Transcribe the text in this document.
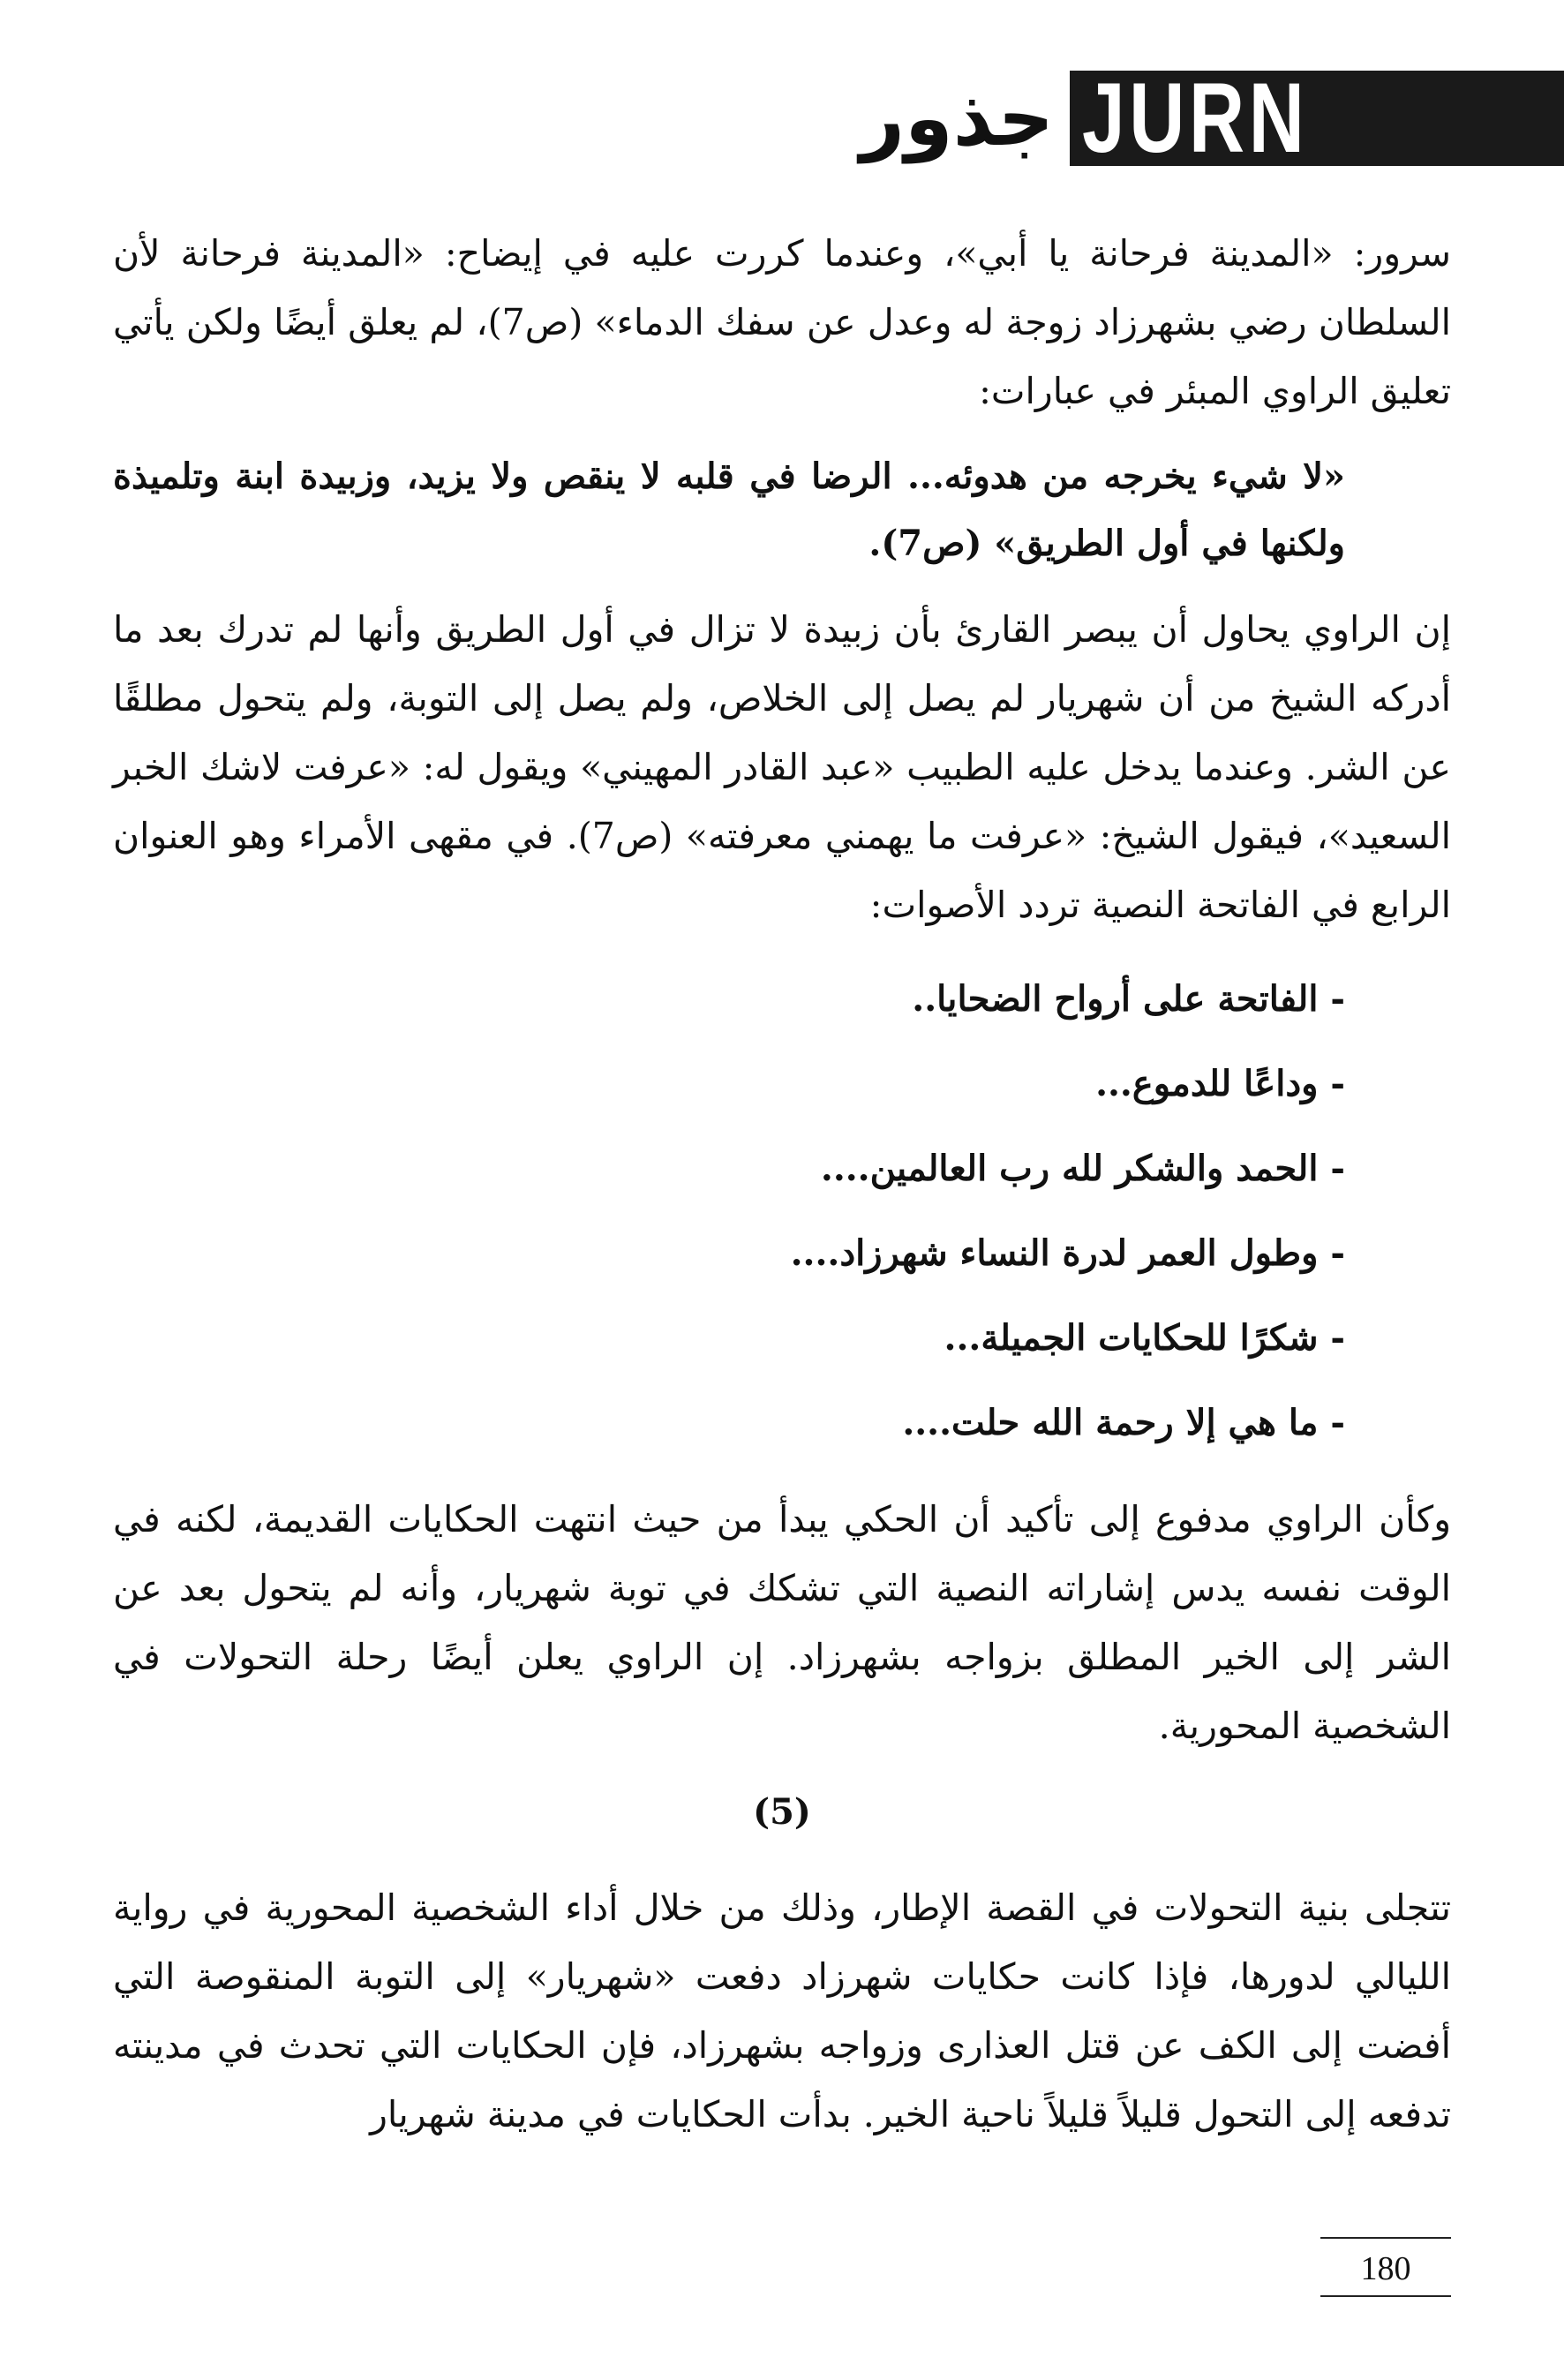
جذور JURN

سرور: «المدينة فرحانة يا أبي»، وعندما كررت عليه في إيضاح: «المدينة فرحانة لأن السلطان رضي بشهرزاد زوجة له وعدل عن سفك الدماء» (ص7)، لم يعلق أيضًا ولكن يأتي تعليق الراوي المبئر في عبارات:

«لا شيء يخرجه من هدوئه... الرضا في قلبه لا ينقص ولا يزيد، وزبيدة ابنة وتلميذة ولكنها في أول الطريق» (ص7).

إن الراوي يحاول أن يبصر القارئ بأن زبيدة لا تزال في أول الطريق وأنها لم تدرك بعد ما أدركه الشيخ من أن شهريار لم يصل إلى الخلاص، ولم يصل إلى التوبة، ولم يتحول مطلقًا عن الشر. وعندما يدخل عليه الطبيب «عبد القادر المهيني» ويقول له: «عرفت لاشك الخبر السعيد»، فيقول الشيخ: «عرفت ما يهمني معرفته» (ص7). في مقهى الأمراء وهو العنوان الرابع في الفاتحة النصية تردد الأصوات:

- الفاتحة على أرواح الضحايا..
- وداعًا للدموع...
- الحمد والشكر لله رب العالمين....
- وطول العمر لدرة النساء شهرزاد....
- شكرًا للحكايات الجميلة...
- ما هي إلا رحمة الله حلت....

وكأن الراوي مدفوع إلى تأكيد أن الحكي يبدأ من حيث انتهت الحكايات القديمة، لكنه في الوقت نفسه يدس إشاراته النصية التي تشكك في توبة شهريار، وأنه لم يتحول بعد عن الشر إلى الخير المطلق بزواجه بشهرزاد. إن الراوي يعلن أيضًا رحلة التحولات في الشخصية المحورية.

(5)

تتجلى بنية التحولات في القصة الإطار، وذلك من خلال أداء الشخصية المحورية في رواية الليالي لدورها، فإذا كانت حكايات شهرزاد دفعت «شهريار» إلى التوبة المنقوصة التي أفضت إلى الكف عن قتل العذارى وزواجه بشهرزاد، فإن الحكايات التي تحدث في مدينته تدفعه إلى التحول قليلاً قليلاً ناحية الخير. بدأت الحكايات في مدينة شهريار

180
